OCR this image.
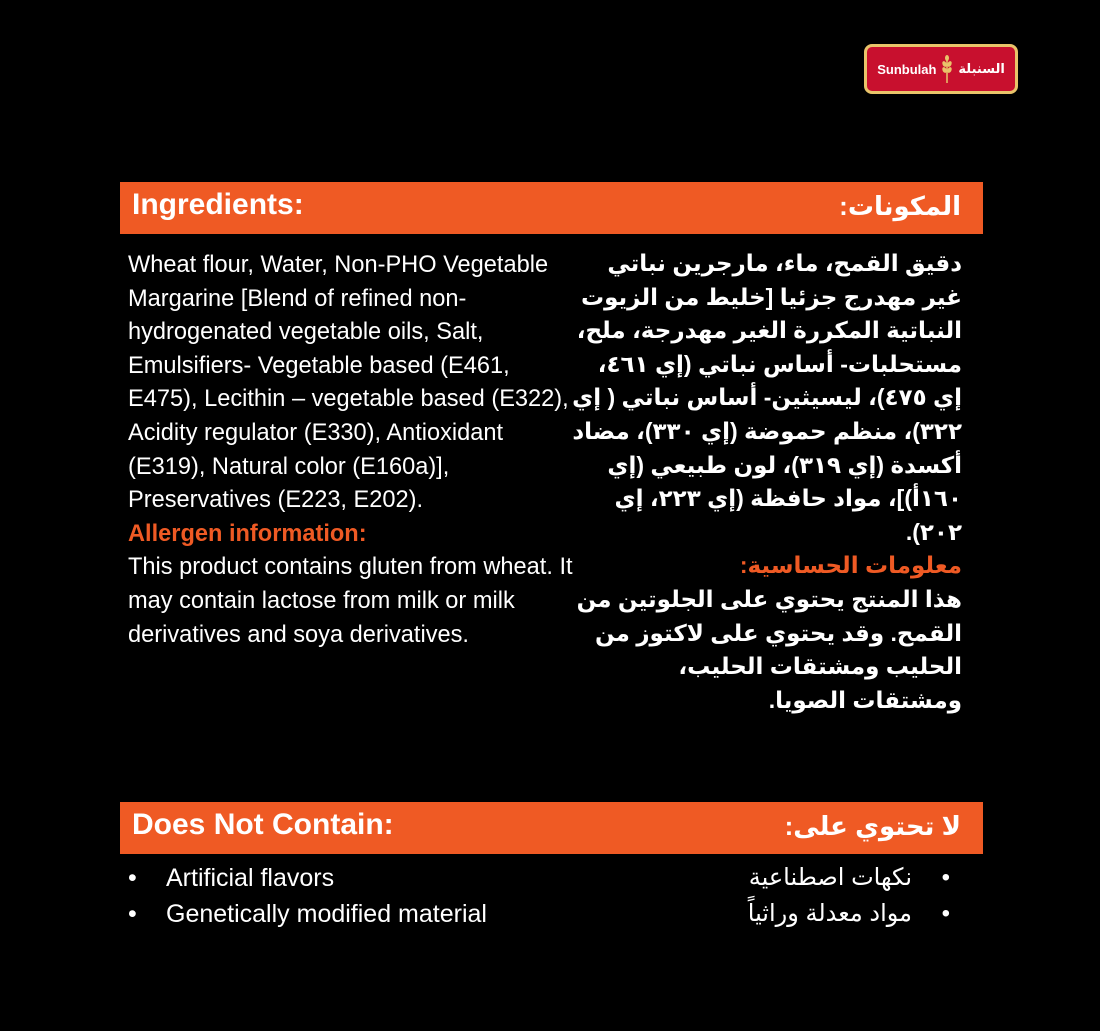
Sunbulah السنبلة
Ingredients:	المكونات:

Wheat flour, Water, Non-PHO Vegetable Margarine [Blend of refined non-hydrogenated vegetable oils, Salt, Emulsifiers- Vegetable based (E461, E475), Lecithin – vegetable based (E322), Acidity regulator (E330), Antioxidant (E319), Natural color (E160a)], Preservatives (E223, E202).

Allergen information:

This product contains gluten from wheat. It may contain lactose from milk or milk derivatives and soya derivatives.

دقيق القمح، ماء، مارجرين نباتي غير مهدرج جزئيا [خليط من الزيوت النباتية المكررة الغير مهدرجة، ملح، مستحلبات- أساس نباتي (إي ٤٦١، إي ٤٧٥)، ليسيثين- أساس نباتي ( إي ٣٢٢)، منظم حموضة (إي ٣٣٠)، مضاد أكسدة (إي ٣١٩)، لون طبيعي (إي ١٦٠أ)]، مواد حافظة (إي ٢٢٣، إي ٢٠٢).

معلومات الحساسية:

هذا المنتج يحتوي على الجلوتين من القمح. وقد يحتوي على لاكتوز من الحليب ومشتقات الحليب، ومشتقات الصويا.

Does Not Contain:	لا تحتوي على:
• Artificial flavors
• Genetically modified material
• نكهات اصطناعية
• مواد معدلة وراثياً
